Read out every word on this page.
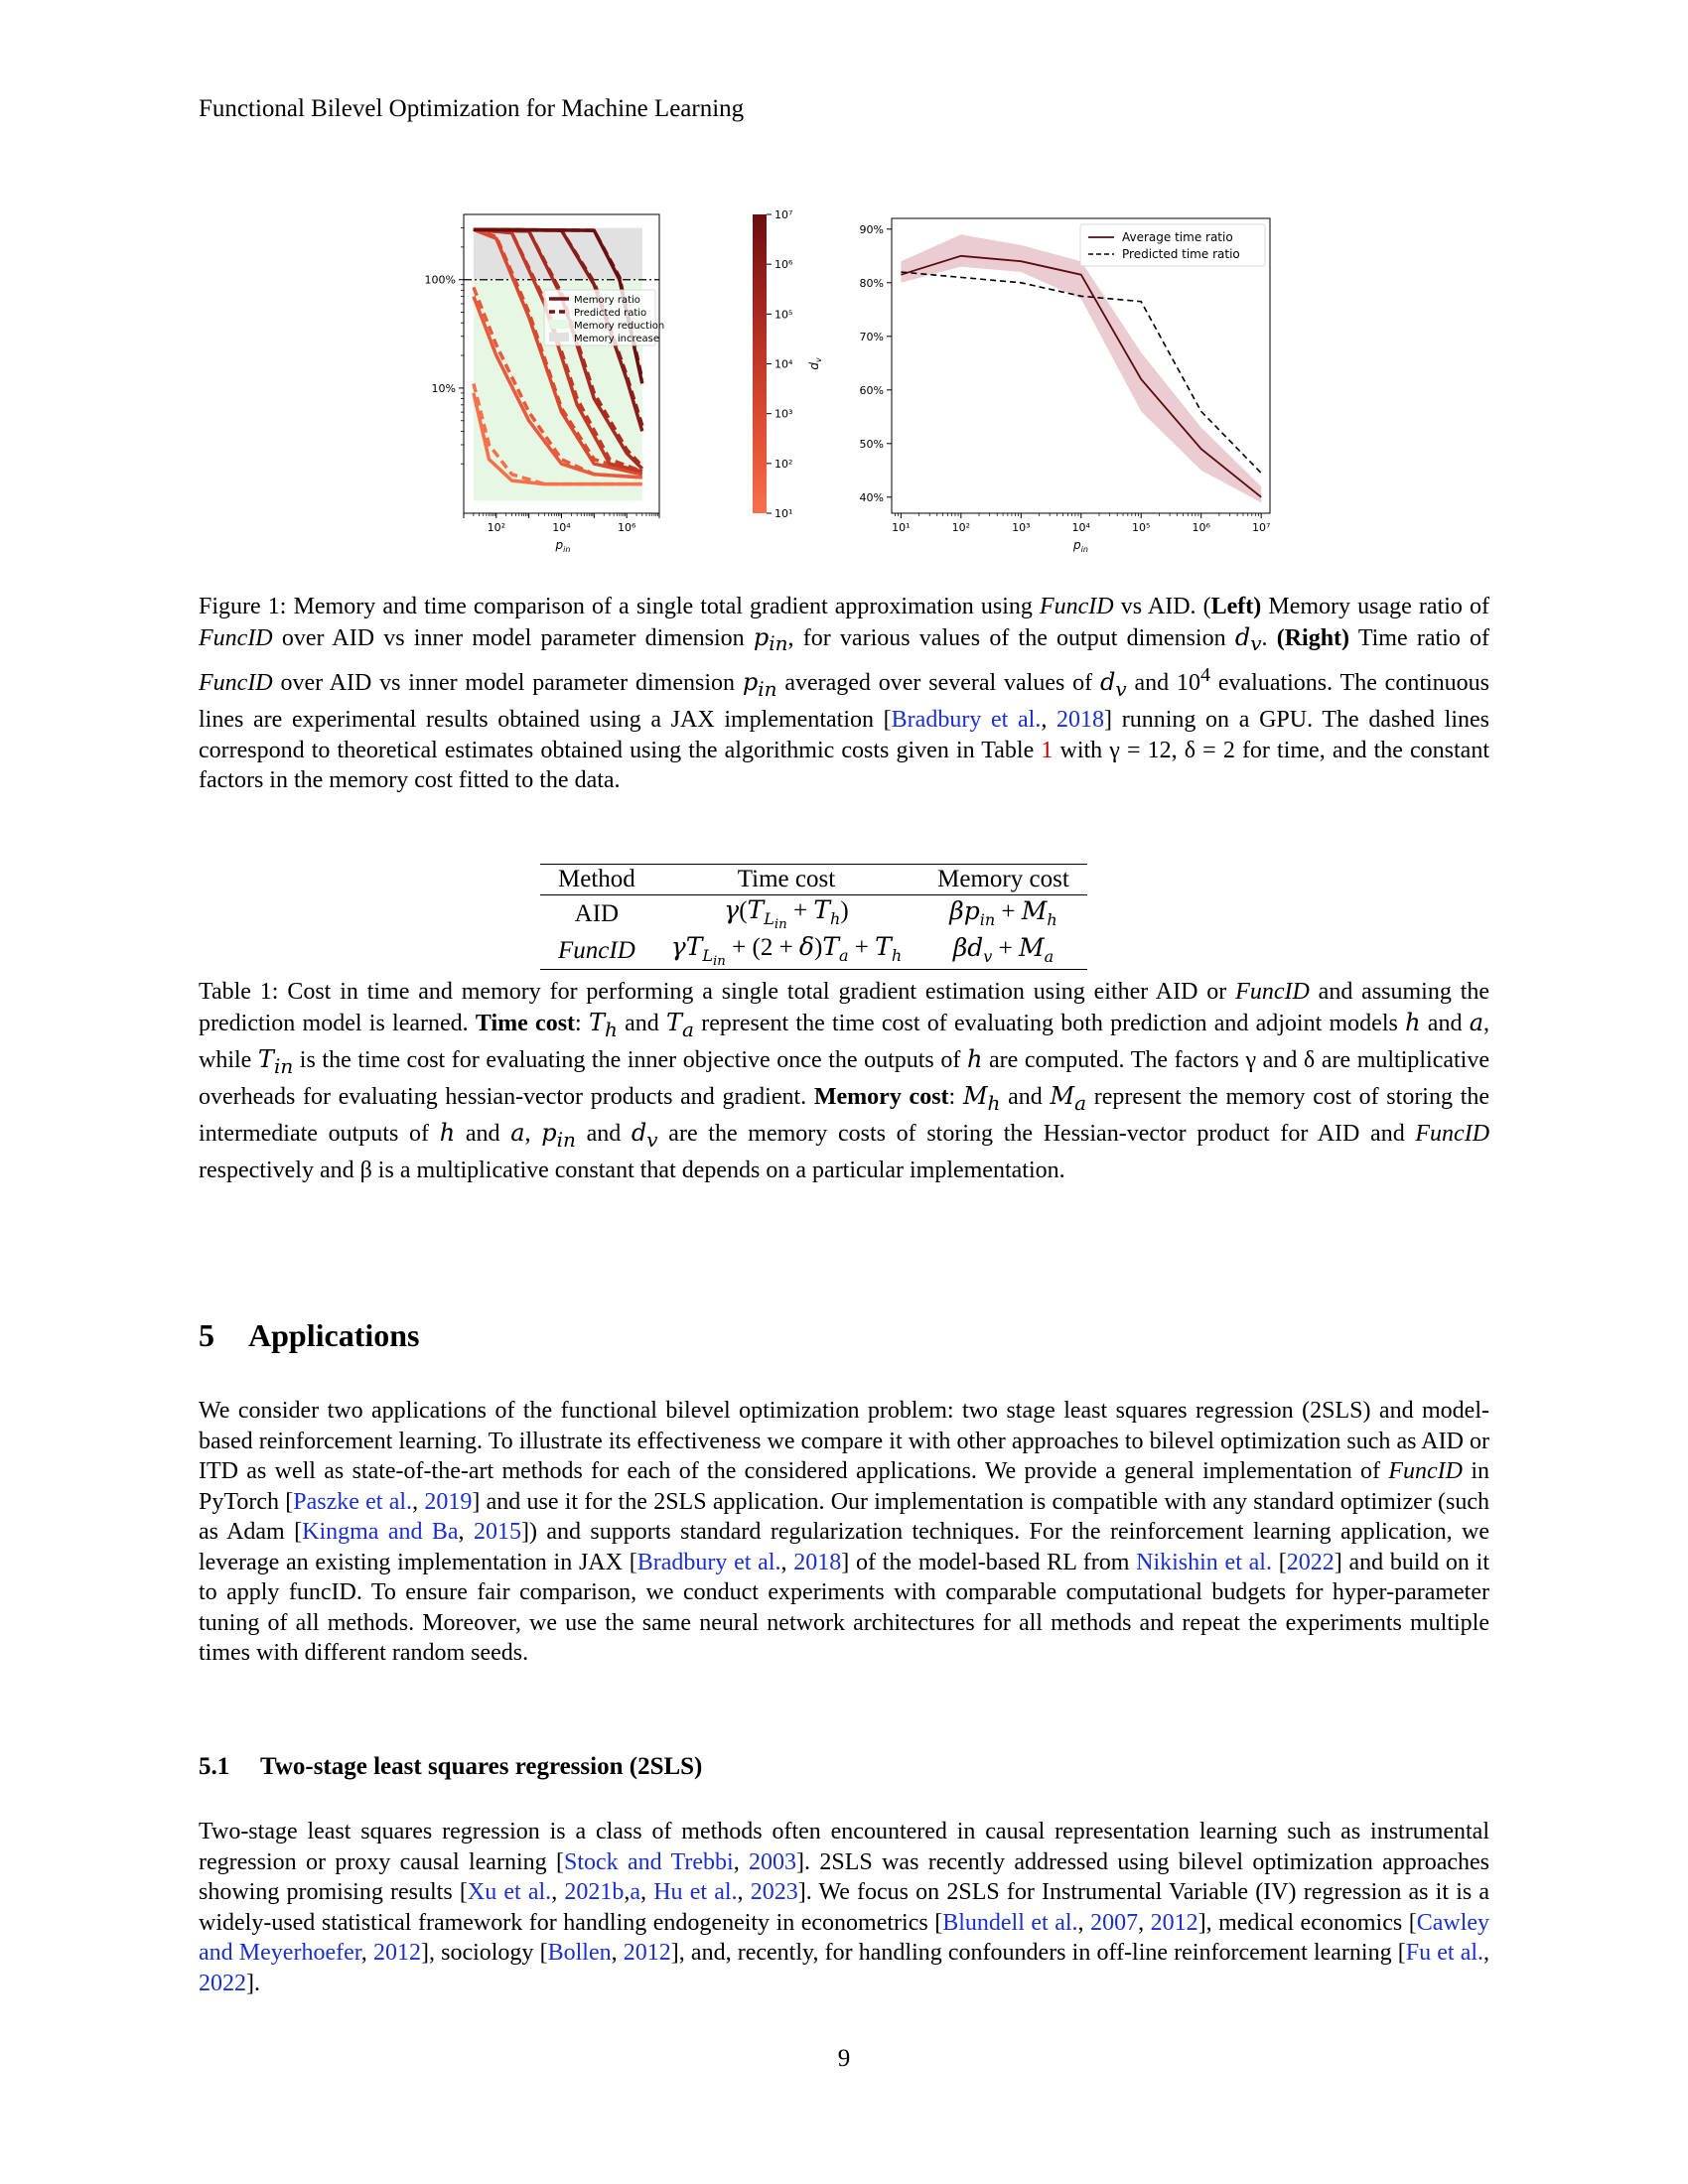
Functional Bilevel Optimization for Machine Learning
100%
10%
10²	10⁴	10⁶
$p_{in}$
Memory ratio
Predicted ratio
Memory reduction
Memory increase
10⁷
10⁶
10⁵
10⁴
10³
10²
10¹
$d_v$
90%
80%
70%
60%
50%
40%
10¹	10²	10³	10⁴	10⁵	10⁶	10⁷
$p_{in}$
Average time ratio
Predicted time ratio

Figure 1: Memory and time comparison of a single total gradient approximation using FuncID vs AID. (Left) Memory usage ratio of FuncID over AID vs inner model parameter dimension $p_{in}$, for various values of the output dimension $d_v$. (Right) Time ratio of FuncID over AID vs inner model parameter dimension $p_{in}$ averaged over several values of $d_v$ and $10^4$ evaluations. The continuous lines are experimental results obtained using a JAX implementation [Bradbury et al., 2018] running on a GPU. The dashed lines correspond to theoretical estimates obtained using the algorithmic costs given in Table 1 with γ = 12, δ = 2 for time, and the constant factors in the memory cost fitted to the data.

Method	Time cost	Memory cost
AID	$\gamma(T_{L_{in}} + T_h)$	$\beta p_{in} + M_h$
FuncID	$\gamma T_{L_{in}} + (2 + \delta)T_a + T_h$	$\beta d_v + M_a$

Table 1: Cost in time and memory for performing a single total gradient estimation using either AID or FuncID and assuming the prediction model is learned. Time cost: $T_h$ and $T_a$ represent the time cost of evaluating both prediction and adjoint models h and a, while $T_{in}$ is the time cost for evaluating the inner objective once the outputs of h are computed. The factors γ and δ are multiplicative overheads for evaluating hessian-vector products and gradient. Memory cost: $M_h$ and $M_a$ represent the memory cost of storing the intermediate outputs of h and a, $p_{in}$ and $d_v$ are the memory costs of storing the Hessian-vector product for AID and FuncID respectively and β is a multiplicative constant that depends on a particular implementation.

5 Applications

We consider two applications of the functional bilevel optimization problem: two stage least squares regression (2SLS) and model-based reinforcement learning. To illustrate its effectiveness we compare it with other approaches to bilevel optimization such as AID or ITD as well as state-of-the-art methods for each of the considered applications. We provide a general implementation of FuncID in PyTorch [Paszke et al., 2019] and use it for the 2SLS application. Our implementation is compatible with any standard optimizer (such as Adam [Kingma and Ba, 2015]) and supports standard regularization techniques. For the reinforcement learning application, we leverage an existing implementation in JAX [Bradbury et al., 2018] of the model-based RL from Nikishin et al. [2022] and build on it to apply funcID. To ensure fair comparison, we conduct experiments with comparable computational budgets for hyper-parameter tuning of all methods. Moreover, we use the same neural network architectures for all methods and repeat the experiments multiple times with different random seeds.

5.1 Two-stage least squares regression (2SLS)

Two-stage least squares regression is a class of methods often encountered in causal representation learning such as instrumental regression or proxy causal learning [Stock and Trebbi, 2003]. 2SLS was recently addressed using bilevel optimization approaches showing promising results [Xu et al., 2021b,a, Hu et al., 2023]. We focus on 2SLS for Instrumental Variable (IV) regression as it is a widely-used statistical framework for handling endogeneity in econometrics [Blundell et al., 2007, 2012], medical economics [Cawley and Meyerhoefer, 2012], sociology [Bollen, 2012], and, recently, for handling confounders in off-line reinforcement learning [Fu et al., 2022].

9
